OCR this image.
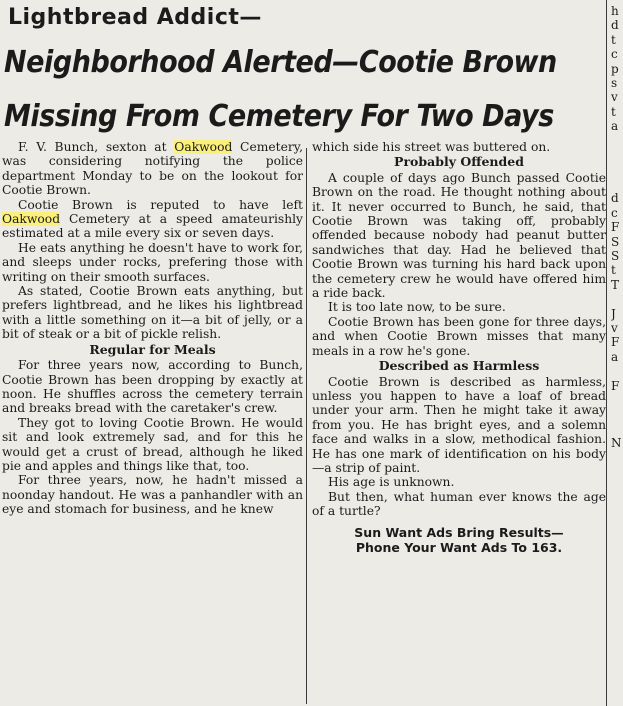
Lightbread Addict—
Neighborhood Alerted—Cootie Brown
Missing From Cemetery For Two Days

F. V. Bunch, sexton at Oakwood Cemetery, was considering notifying the police department Monday to be on the lookout for Cootie Brown.

Cootie Brown is reputed to have left Oakwood Cemetery at a speed amateurishly estimated at a mile every six or seven days.

He eats anything he doesn't have to work for, and sleeps under rocks, prefering those with writing on their smooth surfaces.

As stated, Cootie Brown eats anything, but prefers lightbread, and he likes his lightbread with a little something on it—a bit of jelly, or a bit of steak or a bit of pickle relish.

Regular for Meals

For three years now, according to Bunch, Cootie Brown has been dropping by exactly at noon. He shuffles across the cemetery terrain and breaks bread with the caretaker's crew.

They got to loving Cootie Brown. He would sit and look extremely sad, and for this he would get a crust of bread, although he liked pie and apples and things like that, too.

For three years, now, he hadn't missed a noonday handout. He was a panhandler with an eye and stomach for business, and he knew

which side his street was buttered on.

Probably Offended

A couple of days ago Bunch passed Cootie Brown on the road. He thought nothing about it. It never occurred to Bunch, he said, that Cootie Brown was taking off, probably offended because nobody had peanut butter sandwiches that day. Had he believed that Cootie Brown was turning his hard back upon the cemetery crew he would have offered him a ride back.

It is too late now, to be sure.

Cootie Brown has been gone for three days, and when Cootie Brown misses that many meals in a row he's gone.

Described as Harmless

Cootie Brown is described as harmless, unless you happen to have a loaf of bread under your arm. Then he might take it away from you. He has bright eyes, and a solemn face and walks in a slow, methodical fashion. He has one mark of identification on his body—a strip of paint.

His age is unknown.

But then, what human ever knows the age of a turtle?

Sun Want Ads Bring Results—

Phone Your Want Ads To 163.

h
d
t
c
p
s
v
t
a

d
c
F
S
S
t
T

J
v
F
a

F

N
